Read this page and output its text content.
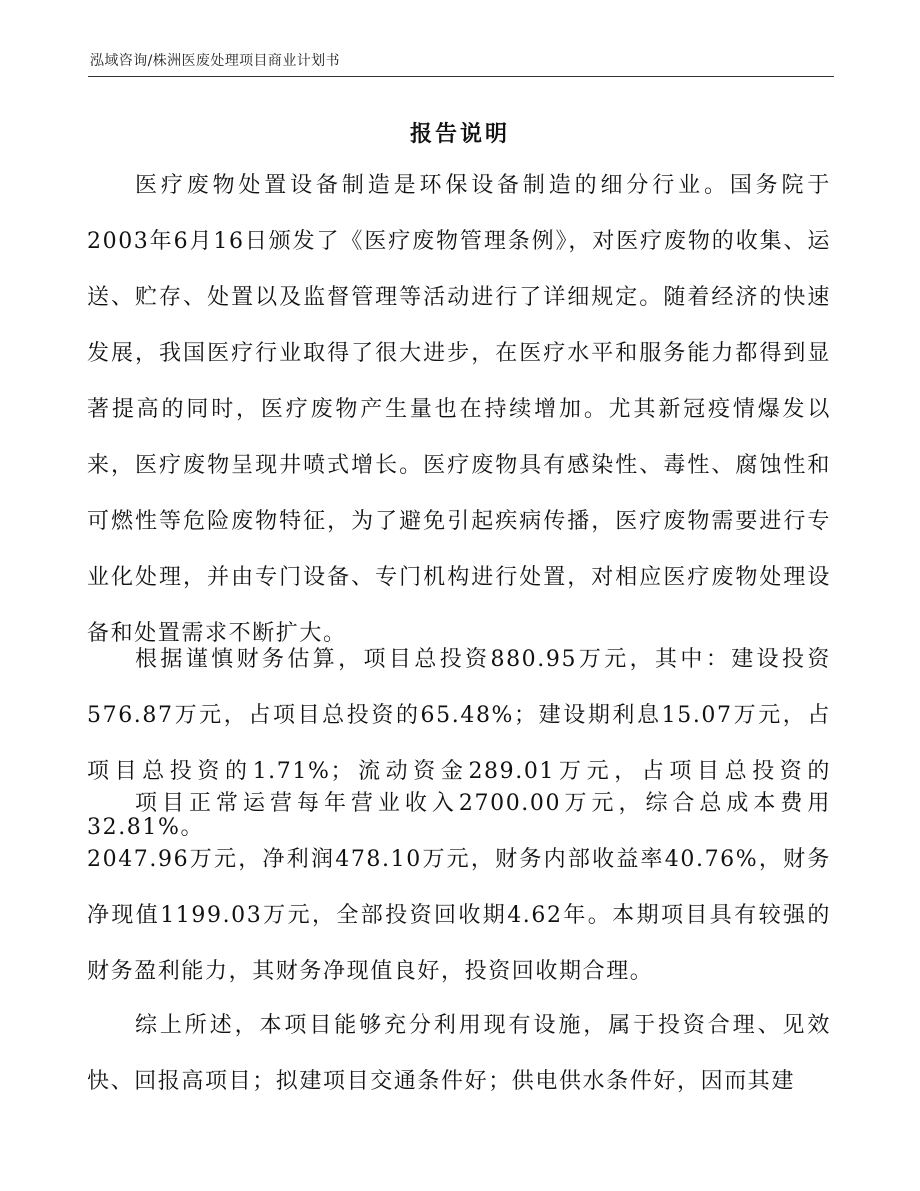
泓域咨询/株洲医废处理项目商业计划书
报告说明

医疗废物处置设备制造是环保设备制造的细分行业。国务院于2003年6月16日颁发了《医疗废物管理条例》，对医疗废物的收集、运送、贮存、处置以及监督管理等活动进行了详细规定。随着经济的快速发展，我国医疗行业取得了很大进步，在医疗水平和服务能力都得到显著提高的同时，医疗废物产生量也在持续增加。尤其新冠疫情爆发以来，医疗废物呈现井喷式增长。医疗废物具有感染性、毒性、腐蚀性和可燃性等危险废物特征，为了避免引起疾病传播，医疗废物需要进行专业化处理，并由专门设备、专门机构进行处置，对相应医疗废物处理设备和处置需求不断扩大。

根据谨慎财务估算，项目总投资880.95万元，其中：建设投资576.87万元，占项目总投资的65.48%；建设期利息15.07万元，占项目总投资的1.71%；流动资金289.01万元，占项目总投资的32.81%。

项目正常运营每年营业收入2700.00万元，综合总成本费用2047.96万元，净利润478.10万元，财务内部收益率40.76%，财务净现值1199.03万元，全部投资回收期4.62年。本期项目具有较强的财务盈利能力，其财务净现值良好，投资回收期合理。

综上所述，本项目能够充分利用现有设施，属于投资合理、见效快、回报高项目；拟建项目交通条件好；供电供水条件好，因而其建
